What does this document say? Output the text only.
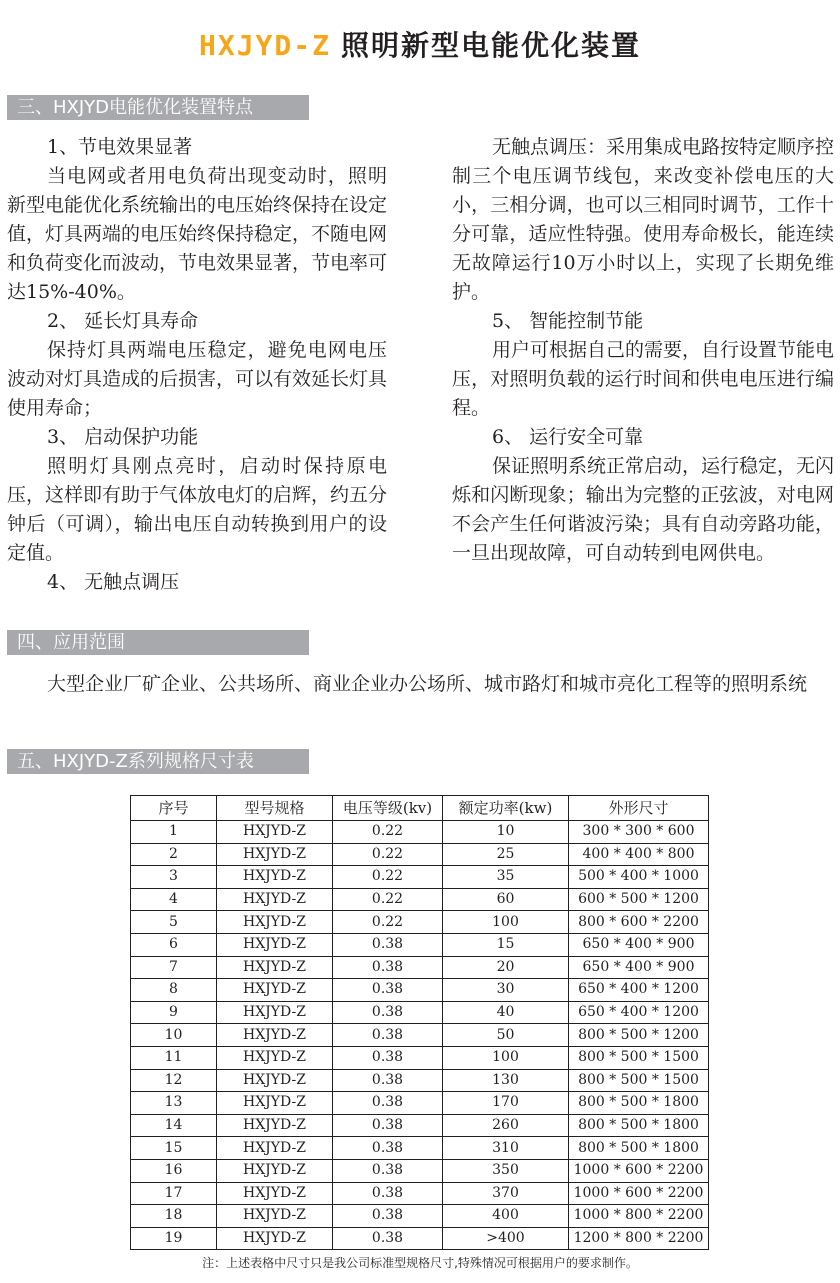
HXJYD-Z 照明新型电能优化装置
三、HXJYD电能优化装置特点

1、节电效果显著

当电网或者用电负荷出现变动时，照明新型电能优化系统输出的电压始终保持在设定值，灯具两端的电压始终保持稳定，不随电网和负荷变化而波动，节电效果显著，节电率可达15%-40%。

2、 延长灯具寿命

保持灯具两端电压稳定，避免电网电压波动对灯具造成的后损害，可以有效延长灯具使用寿命；

3、 启动保护功能

照明灯具刚点亮时，启动时保持原电压，这样即有助于气体放电灯的启辉，约五分钟后（可调），输出电压自动转换到用户的设定值。

4、 无触点调压

无触点调压：采用集成电路按特定顺序控制三个电压调节线包，来改变补偿电压的大小，三相分调，也可以三相同时调节，工作十分可靠，适应性特强。使用寿命极长，能连续无故障运行10万小时以上，实现了长期免维护。

5、 智能控制节能

用户可根据自己的需要，自行设置节能电压，对照明负载的运行时间和供电电压进行编程。

6、 运行安全可靠

保证照明系统正常启动，运行稳定，无闪烁和闪断现象；输出为完整的正弦波，对电网不会产生任何谐波污染；具有自动旁路功能，一旦出现故障，可自动转到电网供电。

四、应用范围

大型企业厂矿企业、公共场所、商业企业办公场所、城市路灯和城市亮化工程等的照明系统

五、HXJYD-Z系列规格尺寸表
序号	型号规格	电压等级(kv)	额定功率(kw)	外形尺寸
1	HXJYD-Z	0.22	10	300 * 300 * 600
2	HXJYD-Z	0.22	25	400 * 400 * 800
3	HXJYD-Z	0.22	35	500 * 400 * 1000
4	HXJYD-Z	0.22	60	600 * 500 * 1200
5	HXJYD-Z	0.22	100	800 * 600 * 2200
6	HXJYD-Z	0.38	15	650 * 400 * 900
7	HXJYD-Z	0.38	20	650 * 400 * 900
8	HXJYD-Z	0.38	30	650 * 400 * 1200
9	HXJYD-Z	0.38	40	650 * 400 * 1200
10	HXJYD-Z	0.38	50	800 * 500 * 1200
11	HXJYD-Z	0.38	100	800 * 500 * 1500
12	HXJYD-Z	0.38	130	800 * 500 * 1500
13	HXJYD-Z	0.38	170	800 * 500 * 1800
14	HXJYD-Z	0.38	260	800 * 500 * 1800
15	HXJYD-Z	0.38	310	800 * 500 * 1800
16	HXJYD-Z	0.38	350	1000 * 600 * 2200
17	HXJYD-Z	0.38	370	1000 * 600 * 2200
18	HXJYD-Z	0.38	400	1000 * 800 * 2200
19	HXJYD-Z	0.38	>400	1200 * 800 * 2200
注：上述表格中尺寸只是我公司标准型规格尺寸,特殊情况可根据用户的要求制作。
